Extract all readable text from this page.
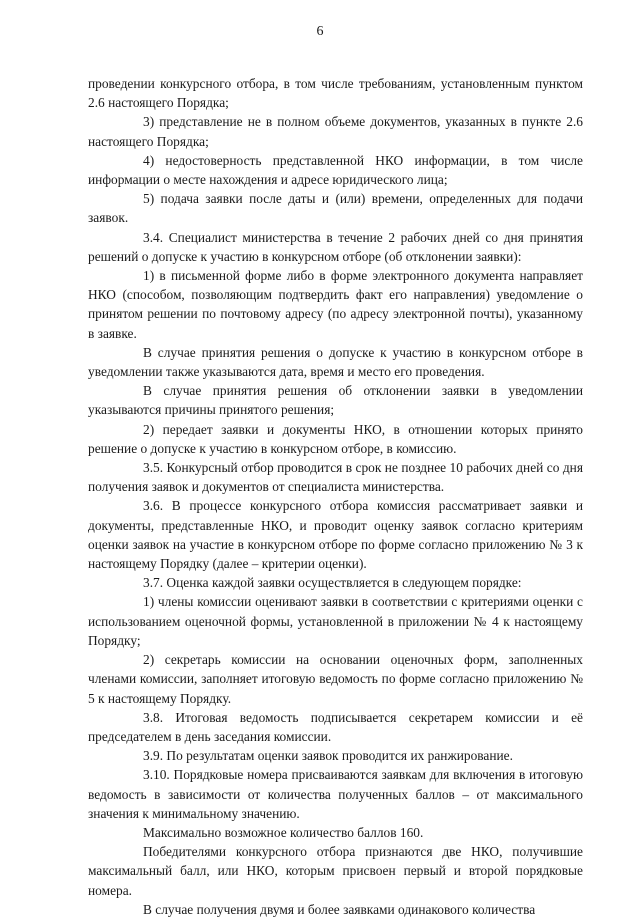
6

проведении конкурсного отбора, в том числе требованиям, установленным пунктом 2.6 настоящего Порядка;

3) представление не в полном объеме документов, указанных в пункте 2.6 настоящего Порядка;

4) недостоверность представленной НКО информации, в том числе информации о месте нахождения и адресе юридического лица;

5) подача заявки после даты и (или) времени, определенных для подачи заявок.

3.4. Специалист министерства в течение 2 рабочих дней со дня принятия решений о допуске к участию в конкурсном отборе (об отклонении заявки):

1) в письменной форме либо в форме электронного документа направляет НКО (способом, позволяющим подтвердить факт его направления) уведомление о принятом решении по почтовому адресу (по адресу электронной почты), указанному в заявке.

В случае принятия решения о допуске к участию в конкурсном отборе в уведомлении также указываются дата, время и место его проведения.

В случае принятия решения об отклонении заявки в уведомлении указываются причины принятого решения;

2) передает заявки и документы НКО, в отношении которых принято решение о допуске к участию в конкурсном отборе, в комиссию.

3.5. Конкурсный отбор проводится в срок не позднее 10 рабочих дней со дня получения заявок и документов от специалиста министерства.

3.6. В процессе конкурсного отбора комиссия рассматривает заявки и документы, представленные НКО, и проводит оценку заявок согласно критериям оценки заявок на участие в конкурсном отборе по форме согласно приложению № 3 к настоящему Порядку (далее – критерии оценки).

3.7. Оценка каждой заявки осуществляется в следующем порядке:

1) члены комиссии оценивают заявки в соответствии с критериями оценки с использованием оценочной формы, установленной в приложении № 4 к настоящему Порядку;

2) секретарь комиссии на основании оценочных форм, заполненных членами комиссии, заполняет итоговую ведомость по форме согласно приложению № 5 к настоящему Порядку.

3.8. Итоговая ведомость подписывается секретарем комиссии и её председателем в день заседания комиссии.

3.9. По результатам оценки заявок проводится их ранжирование.

3.10. Порядковые номера присваиваются заявкам для включения в итоговую ведомость в зависимости от количества полученных баллов – от максимального значения к минимальному значению.

Максимально возможное количество баллов 160.

Победителями конкурсного отбора признаются две НКО, получившие максимальный балл, или НКО, которым присвоен первый и второй порядковые номера.

В случае получения двумя и более заявками одинакового количества
